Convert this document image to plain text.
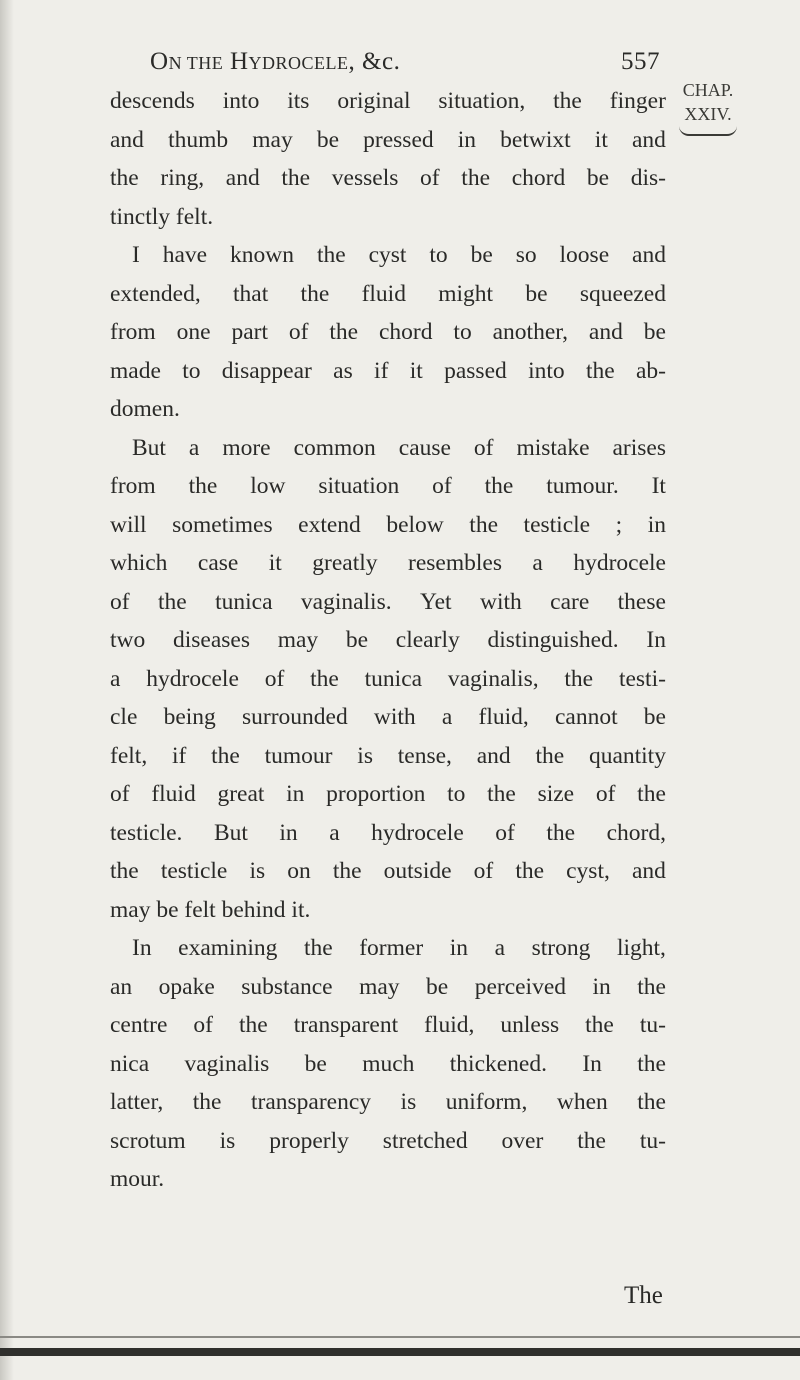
ON THE HYDROCELE, &c.	557
CHAP.
XXIV.
descends into its original situation, the finger
and thumb may be pressed in betwixt it and
the ring, and the vessels of the chord be dis-
tinctly felt.
I have known the cyst to be so loose and
extended, that the fluid might be squeezed
from one part of the chord to another, and be
made to disappear as if it passed into the ab-
domen.
But a more common cause of mistake arises
from the low situation of the tumour. It
will sometimes extend below the testicle ; in
which case it greatly resembles a hydrocele
of the tunica vaginalis. Yet with care these
two diseases may be clearly distinguished. In
a hydrocele of the tunica vaginalis, the testi-
cle being surrounded with a fluid, cannot be
felt, if the tumour is tense, and the quantity
of fluid great in proportion to the size of the
testicle. But in a hydrocele of the chord,
the testicle is on the outside of the cyst, and
may be felt behind it.
In examining the former in a strong light,
an opake substance may be perceived in the
centre of the transparent fluid, unless the tu-
nica vaginalis be much thickened. In the
latter, the transparency is uniform, when the
scrotum is properly stretched over the tu-
mour.
The
